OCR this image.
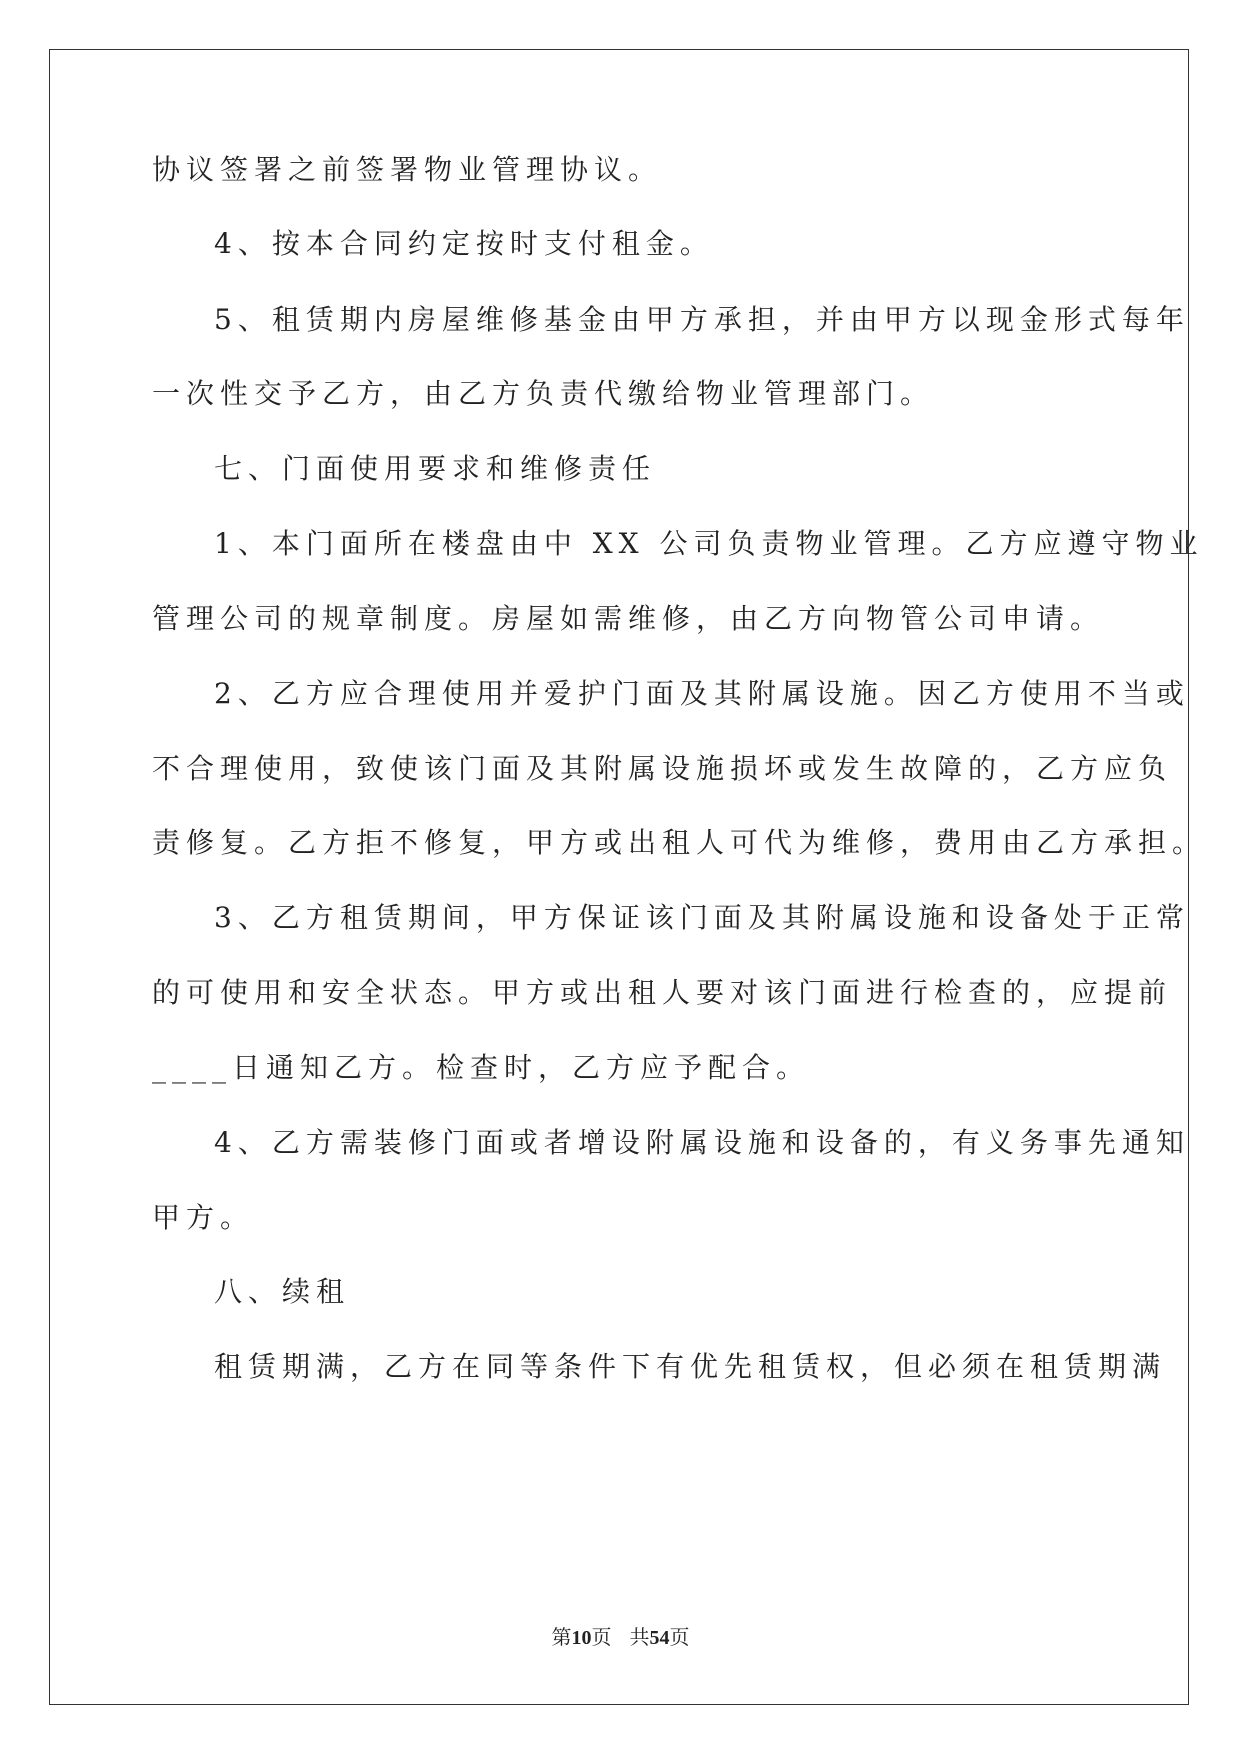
协议签署之前签署物业管理协议。
4、按本合同约定按时支付租金。
5、租赁期内房屋维修基金由甲方承担，并由甲方以现金形式每年
一次性交予乙方，由乙方负责代缴给物业管理部门。
七、门面使用要求和维修责任
1、本门面所在楼盘由中 XX 公司负责物业管理。乙方应遵守物业
管理公司的规章制度。房屋如需维修，由乙方向物管公司申请。
2、乙方应合理使用并爱护门面及其附属设施。因乙方使用不当或
不合理使用，致使该门面及其附属设施损坏或发生故障的，乙方应负
责修复。乙方拒不修复，甲方或出租人可代为维修，费用由乙方承担。
3、乙方租赁期间，甲方保证该门面及其附属设施和设备处于正常
的可使用和安全状态。甲方或出租人要对该门面进行检查的，应提前
____日通知乙方。检查时，乙方应予配合。
4、乙方需装修门面或者增设附属设施和设备的，有义务事先通知
甲方。
八、续租
租赁期满，乙方在同等条件下有优先租赁权，但必须在租赁期满
第10页 共54页
